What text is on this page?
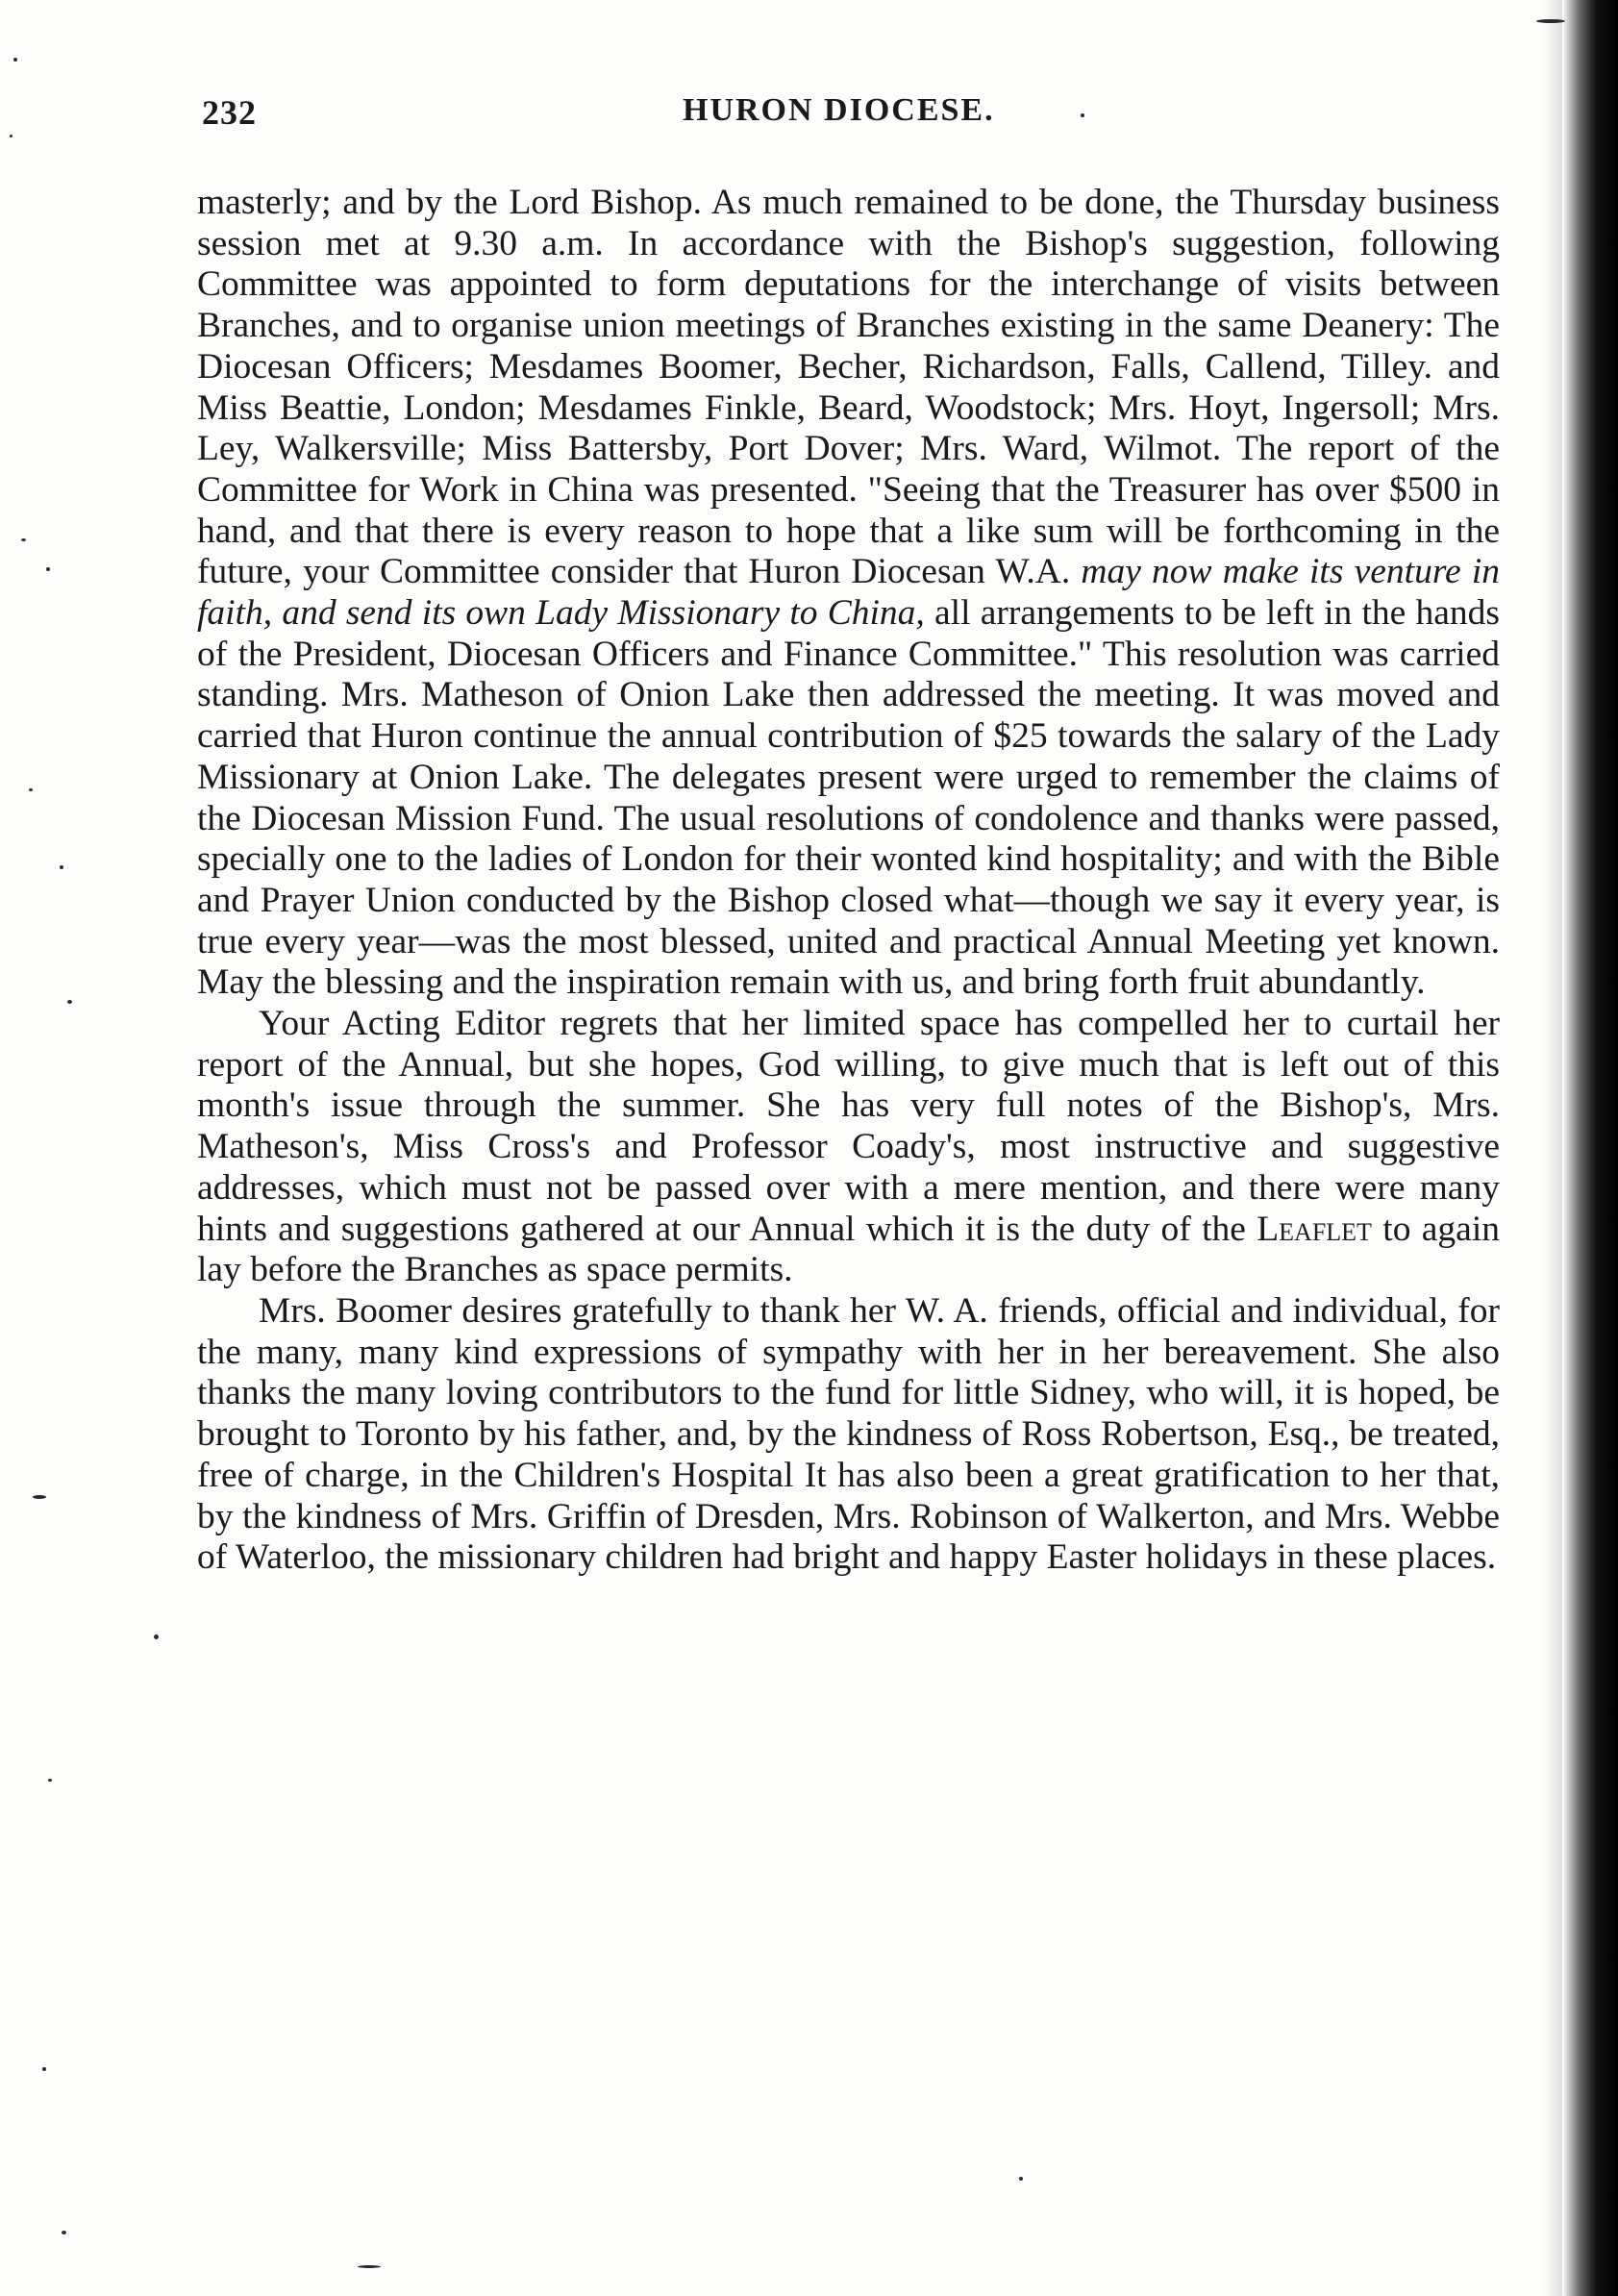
232	HURON DIOCESE.

masterly; and by the Lord Bishop. As much remained to be done, the Thursday business session met at 9.30 a.m. In accordance with the Bishop's suggestion, following Committee was appointed to form deputations for the interchange of visits between Branches, and to organise union meetings of Branches existing in the same Deanery: The Diocesan Officers; Mesdames Boomer, Becher, Richardson, Falls, Callend, Tilley. and Miss Beattie, London; Mesdames Finkle, Beard, Woodstock; Mrs. Hoyt, Ingersoll; Mrs. Ley, Walkersville; Miss Battersby, Port Dover; Mrs. Ward, Wilmot. The report of the Committee for Work in China was presented. "Seeing that the Treasurer has over $500 in hand, and that there is every reason to hope that a like sum will be forthcoming in the future, your Committee consider that Huron Diocesan W.A. may now make its venture in faith, and send its own Lady Missionary to China, all arrangements to be left in the hands of the President, Diocesan Officers and Finance Committee." This resolution was carried standing. Mrs. Matheson of Onion Lake then addressed the meeting. It was moved and carried that Huron continue the annual contribution of $25 towards the salary of the Lady Missionary at Onion Lake. The delegates present were urged to remember the claims of the Diocesan Mission Fund. The usual resolutions of condolence and thanks were passed, specially one to the ladies of London for their wonted kind hospitality; and with the Bible and Prayer Union conducted by the Bishop closed what—though we say it every year, is true every year—was the most blessed, united and practical Annual Meeting yet known. May the blessing and the inspiration remain with us, and bring forth fruit abundantly.

Your Acting Editor regrets that her limited space has compelled her to curtail her report of the Annual, but she hopes, God willing, to give much that is left out of this month's issue through the summer. She has very full notes of the Bishop's, Mrs. Matheson's, Miss Cross's and Professor Coady's, most instructive and suggestive addresses, which must not be passed over with a mere mention, and there were many hints and suggestions gathered at our Annual which it is the duty of the Leaflet to again lay before the Branches as space permits.

Mrs. Boomer desires gratefully to thank her W. A. friends, official and individual, for the many, many kind expressions of sympathy with her in her bereavement. She also thanks the many loving contributors to the fund for little Sidney, who will, it is hoped, be brought to Toronto by his father, and, by the kindness of Ross Robertson, Esq., be treated, free of charge, in the Children's Hospital It has also been a great gratification to her that, by the kindness of Mrs. Griffin of Dresden, Mrs. Robinson of Walkerton, and Mrs. Webbe of Waterloo, the missionary children had bright and happy Easter holidays in these places.
